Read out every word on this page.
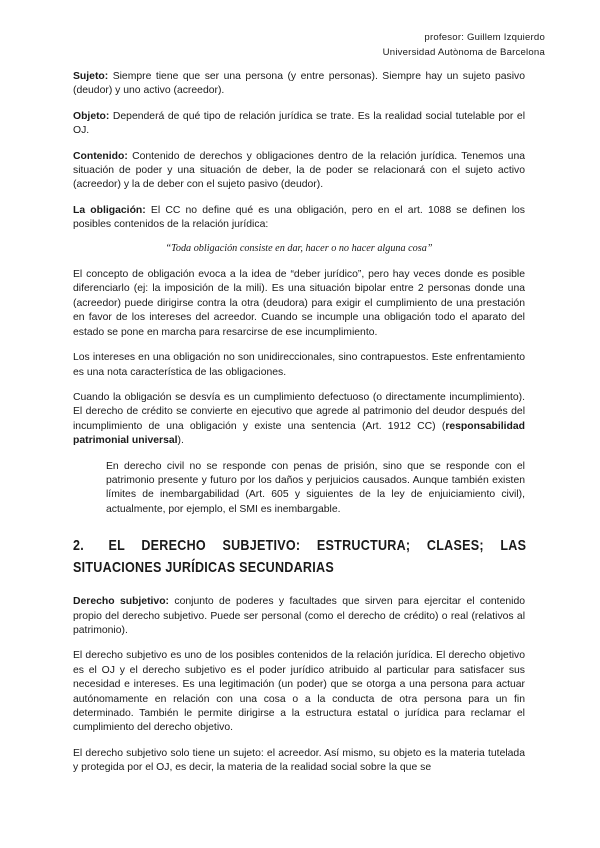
profesor: Guillem Izquierdo
Universidad Autònoma de Barcelona

Sujeto: Siempre tiene que ser una persona (y entre personas). Siempre hay un sujeto pasivo (deudor) y uno activo (acreedor).

Objeto: Dependerá de qué tipo de relación jurídica se trate. Es la realidad social tutelable por el OJ.

Contenido: Contenido de derechos y obligaciones dentro de la relación jurídica. Tenemos una situación de poder y una situación de deber, la de poder se relacionará con el sujeto activo (acreedor) y la de deber con el sujeto pasivo (deudor).

La obligación: El CC no define qué es una obligación, pero en el art. 1088 se definen los posibles contenidos de la relación jurídica:

“Toda obligación consiste en dar, hacer o no hacer alguna cosa”

El concepto de obligación evoca a la idea de “deber jurídico”, pero hay veces donde es posible diferenciarlo (ej: la imposición de la mili). Es una situación bipolar entre 2 personas donde una (acreedor) puede dirigirse contra la otra (deudora) para exigir el cumplimiento de una prestación en favor de los intereses del acreedor. Cuando se incumple una obligación todo el aparato del estado se pone en marcha para resarcirse de ese incumplimiento.

Los intereses en una obligación no son unidireccionales, sino contrapuestos. Este enfrentamiento es una nota característica de las obligaciones.

Cuando la obligación se desvía es un cumplimiento defectuoso (o directamente incumplimiento). El derecho de crédito se convierte en ejecutivo que agrede al patrimonio del deudor después del incumplimiento de una obligación y existe una sentencia (Art. 1912 CC) (responsabilidad patrimonial universal).

En derecho civil no se responde con penas de prisión, sino que se responde con el patrimonio presente y futuro por los daños y perjuicios causados. Aunque también existen límites de inembargabilidad (Art. 605 y siguientes de la ley de enjuiciamiento civil), actualmente, por ejemplo, el SMI es inembargable.

2. EL DERECHO SUBJETIVO: ESTRUCTURA; CLASES; LAS SITUACIONES JURÍDICAS SECUNDARIAS

Derecho subjetivo: conjunto de poderes y facultades que sirven para ejercitar el contenido propio del derecho subjetivo. Puede ser personal (como el derecho de crédito) o real (relativos al patrimonio).

El derecho subjetivo es uno de los posibles contenidos de la relación jurídica. El derecho objetivo es el OJ y el derecho subjetivo es el poder jurídico atribuido al particular para satisfacer sus necesidad e intereses. Es una legitimación (un poder) que se otorga a una persona para actuar autónomamente en relación con una cosa o a la conducta de otra persona para un fin determinado. También le permite dirigirse a la estructura estatal o jurídica para reclamar el cumplimiento del derecho objetivo.

El derecho subjetivo solo tiene un sujeto: el acreedor. Así mismo, su objeto es la materia tutelada y protegida por el OJ, es decir, la materia de la realidad social sobre la que se
